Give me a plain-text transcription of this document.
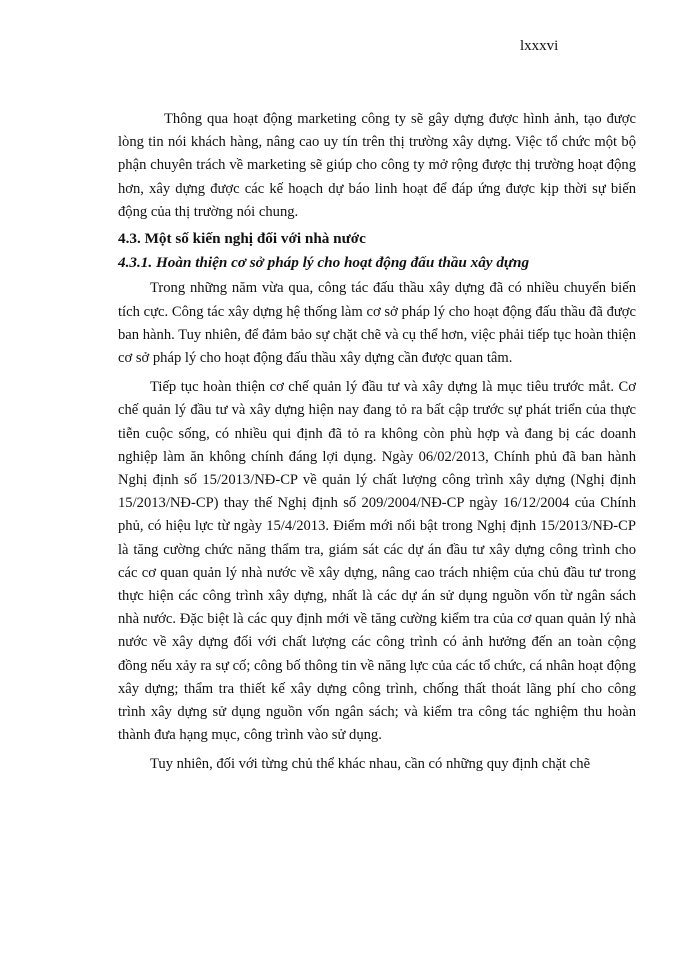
lxxxvi

Thông qua hoạt động marketing công ty sẽ gây dựng được hình ảnh, tạo được lòng tin nói khách hàng, nâng cao uy tín trên thị trường xây dựng. Việc tổ chức một bộ phận chuyên trách về marketing sẽ giúp cho công ty mở rộng được thị trường hoạt động hơn, xây dựng được các kế hoạch dự báo linh hoạt để đáp ứng được kịp thời sự biến động của thị trường nói chung.

4.3. Một số kiến nghị đối với nhà nước
4.3.1. Hoàn thiện cơ sở pháp lý cho hoạt động đấu thầu xây dựng

Trong những năm vừa qua, công tác đấu thầu xây dựng đã có nhiều chuyển biến tích cực. Công tác xây dựng hệ thống làm cơ sở pháp lý cho hoạt động đấu thầu đã được ban hành. Tuy nhiên, để đảm bảo sự chặt chẽ và cụ thể hơn, việc phải tiếp tục hoàn thiện cơ sở pháp lý cho hoạt động đấu thầu xây dựng cần được quan tâm.

Tiếp tục hoàn thiện cơ chế quản lý đầu tư và xây dựng là mục tiêu trước mắt. Cơ chế quản lý đầu tư và xây dựng hiện nay đang tỏ ra bất cập trước sự phát triển của thực tiễn cuộc sống, có nhiều qui định đã tỏ ra không còn phù hợp và đang bị các doanh nghiệp làm ăn không chính đáng lợi dụng. Ngày 06/02/2013, Chính phủ đã ban hành Nghị định số 15/2013/NĐ-CP về quản lý chất lượng công trình xây dựng (Nghị định 15/2013/NĐ-CP) thay thế Nghị định số 209/2004/NĐ-CP ngày 16/12/2004 của Chính phủ, có hiệu lực từ ngày 15/4/2013. Điểm mới nổi bật trong Nghị định 15/2013/NĐ-CP là tăng cường chức năng thẩm tra, giám sát các dự án đầu tư xây dựng công trình cho các cơ quan quản lý nhà nước về xây dựng, nâng cao trách nhiệm của chủ đầu tư trong thực hiện các công trình xây dựng, nhất là các dự án sử dụng nguồn vốn từ ngân sách nhà nước. Đặc biệt là các quy định mới về tăng cường kiểm tra của cơ quan quản lý nhà nước về xây dựng đối với chất lượng các công trình có ảnh hưởng đến an toàn cộng đồng nếu xảy ra sự cố; công bố thông tin về năng lực của các tổ chức, cá nhân hoạt động xây dựng; thẩm tra thiết kế xây dựng công trình, chống thất thoát lãng phí cho công trình xây dựng sử dụng nguồn vốn ngân sách; và kiểm tra công tác nghiệm thu hoàn thành đưa hạng mục, công trình vào sử dụng.

Tuy nhiên, đối với từng chủ thể khác nhau, cần có những quy định chặt chẽ
